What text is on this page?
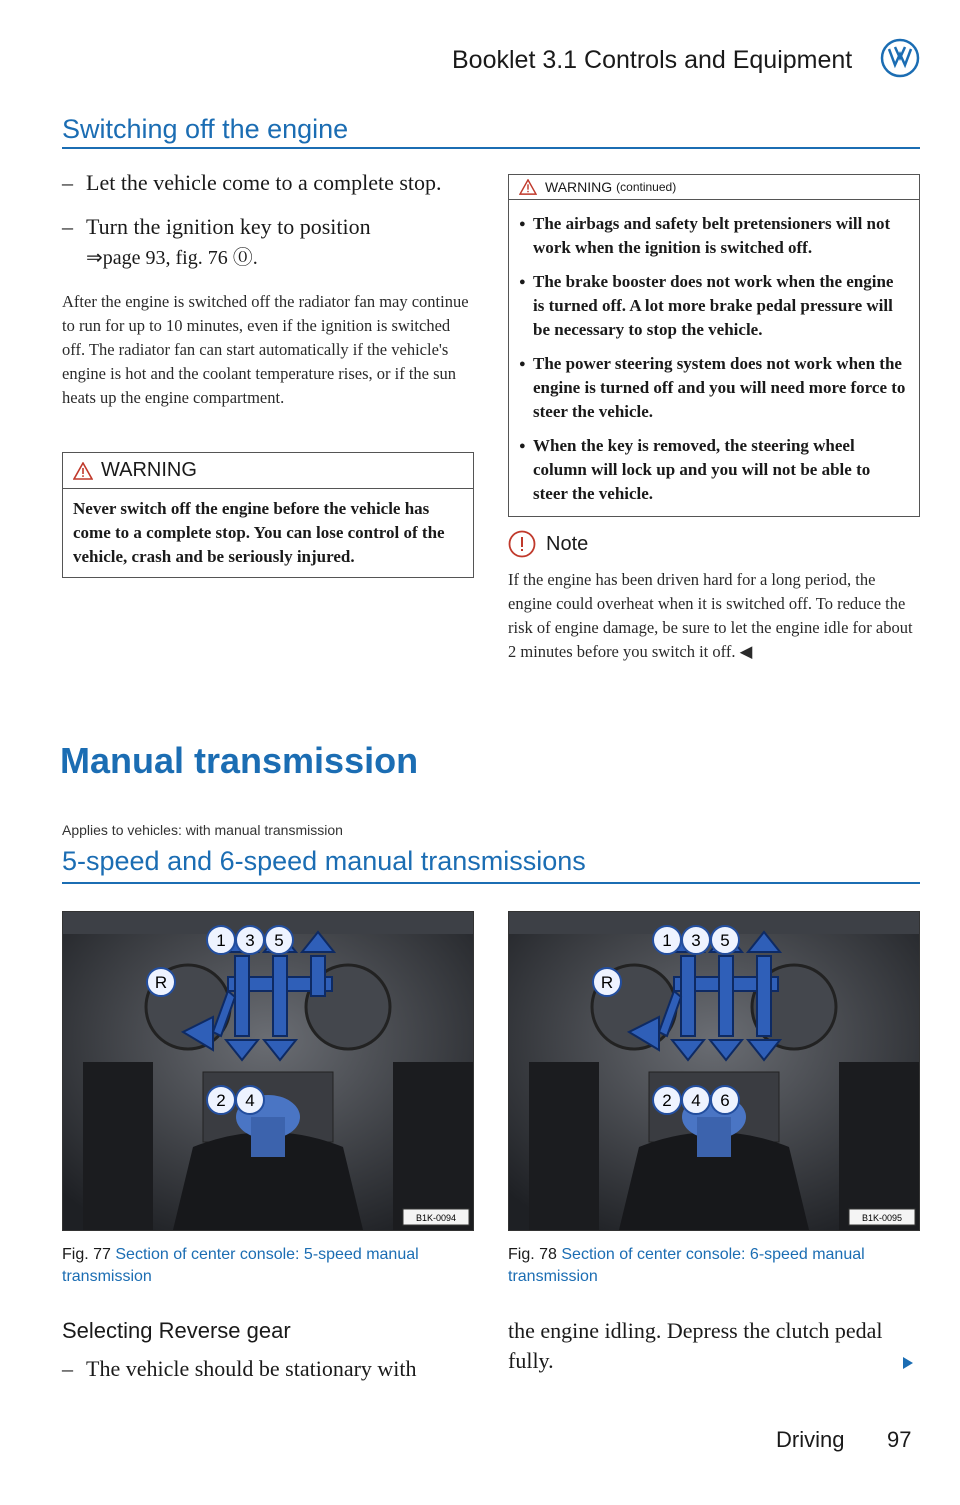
Booklet 3.1 Controls and Equipment
Switching off the engine
– Let the vehicle come to a complete stop.
– Turn the ignition key to position
⇒page 93, fig. 76 ⓪.
After the engine is switched off the radiator fan may continue to run for up to 10 minutes, even if the ignition is switched off. The radiator fan can start automatically if the vehicle's engine is hot and the coolant temperature rises, or if the sun heats up the engine compartment.
WARNING
Never switch off the engine before the vehicle has come to a complete stop. You can lose control of the vehicle, crash and be seriously injured.
WARNING (continued)
● The airbags and safety belt pretensioners will not work when the ignition is switched off.
● The brake booster does not work when the engine is turned off. A lot more brake pedal pressure will be necessary to stop the vehicle.
● The power steering system does not work when the engine is turned off and you will need more force to steer the vehicle.
● When the key is removed, the steering wheel column will lock up and you will not be able to steer the vehicle.
Note
If the engine has been driven hard for a long period, the engine could overheat when it is switched off. To reduce the risk of engine damage, be sure to let the engine idle for about 2 minutes before you switch it off. ◀
Manual transmission
Applies to vehicles: with manual transmission
5-speed and 6-speed manual transmissions
1 3 5
R
2 4
B1K-0094
Fig. 77 Section of center console: 5-speed manual transmission
1 3 5
R
2 4 6
B1K-0095
Fig. 78 Section of center console: 6-speed manual transmission
Selecting Reverse gear
– The vehicle should be stationary with
the engine idling. Depress the clutch pedal fully.
Driving 97
